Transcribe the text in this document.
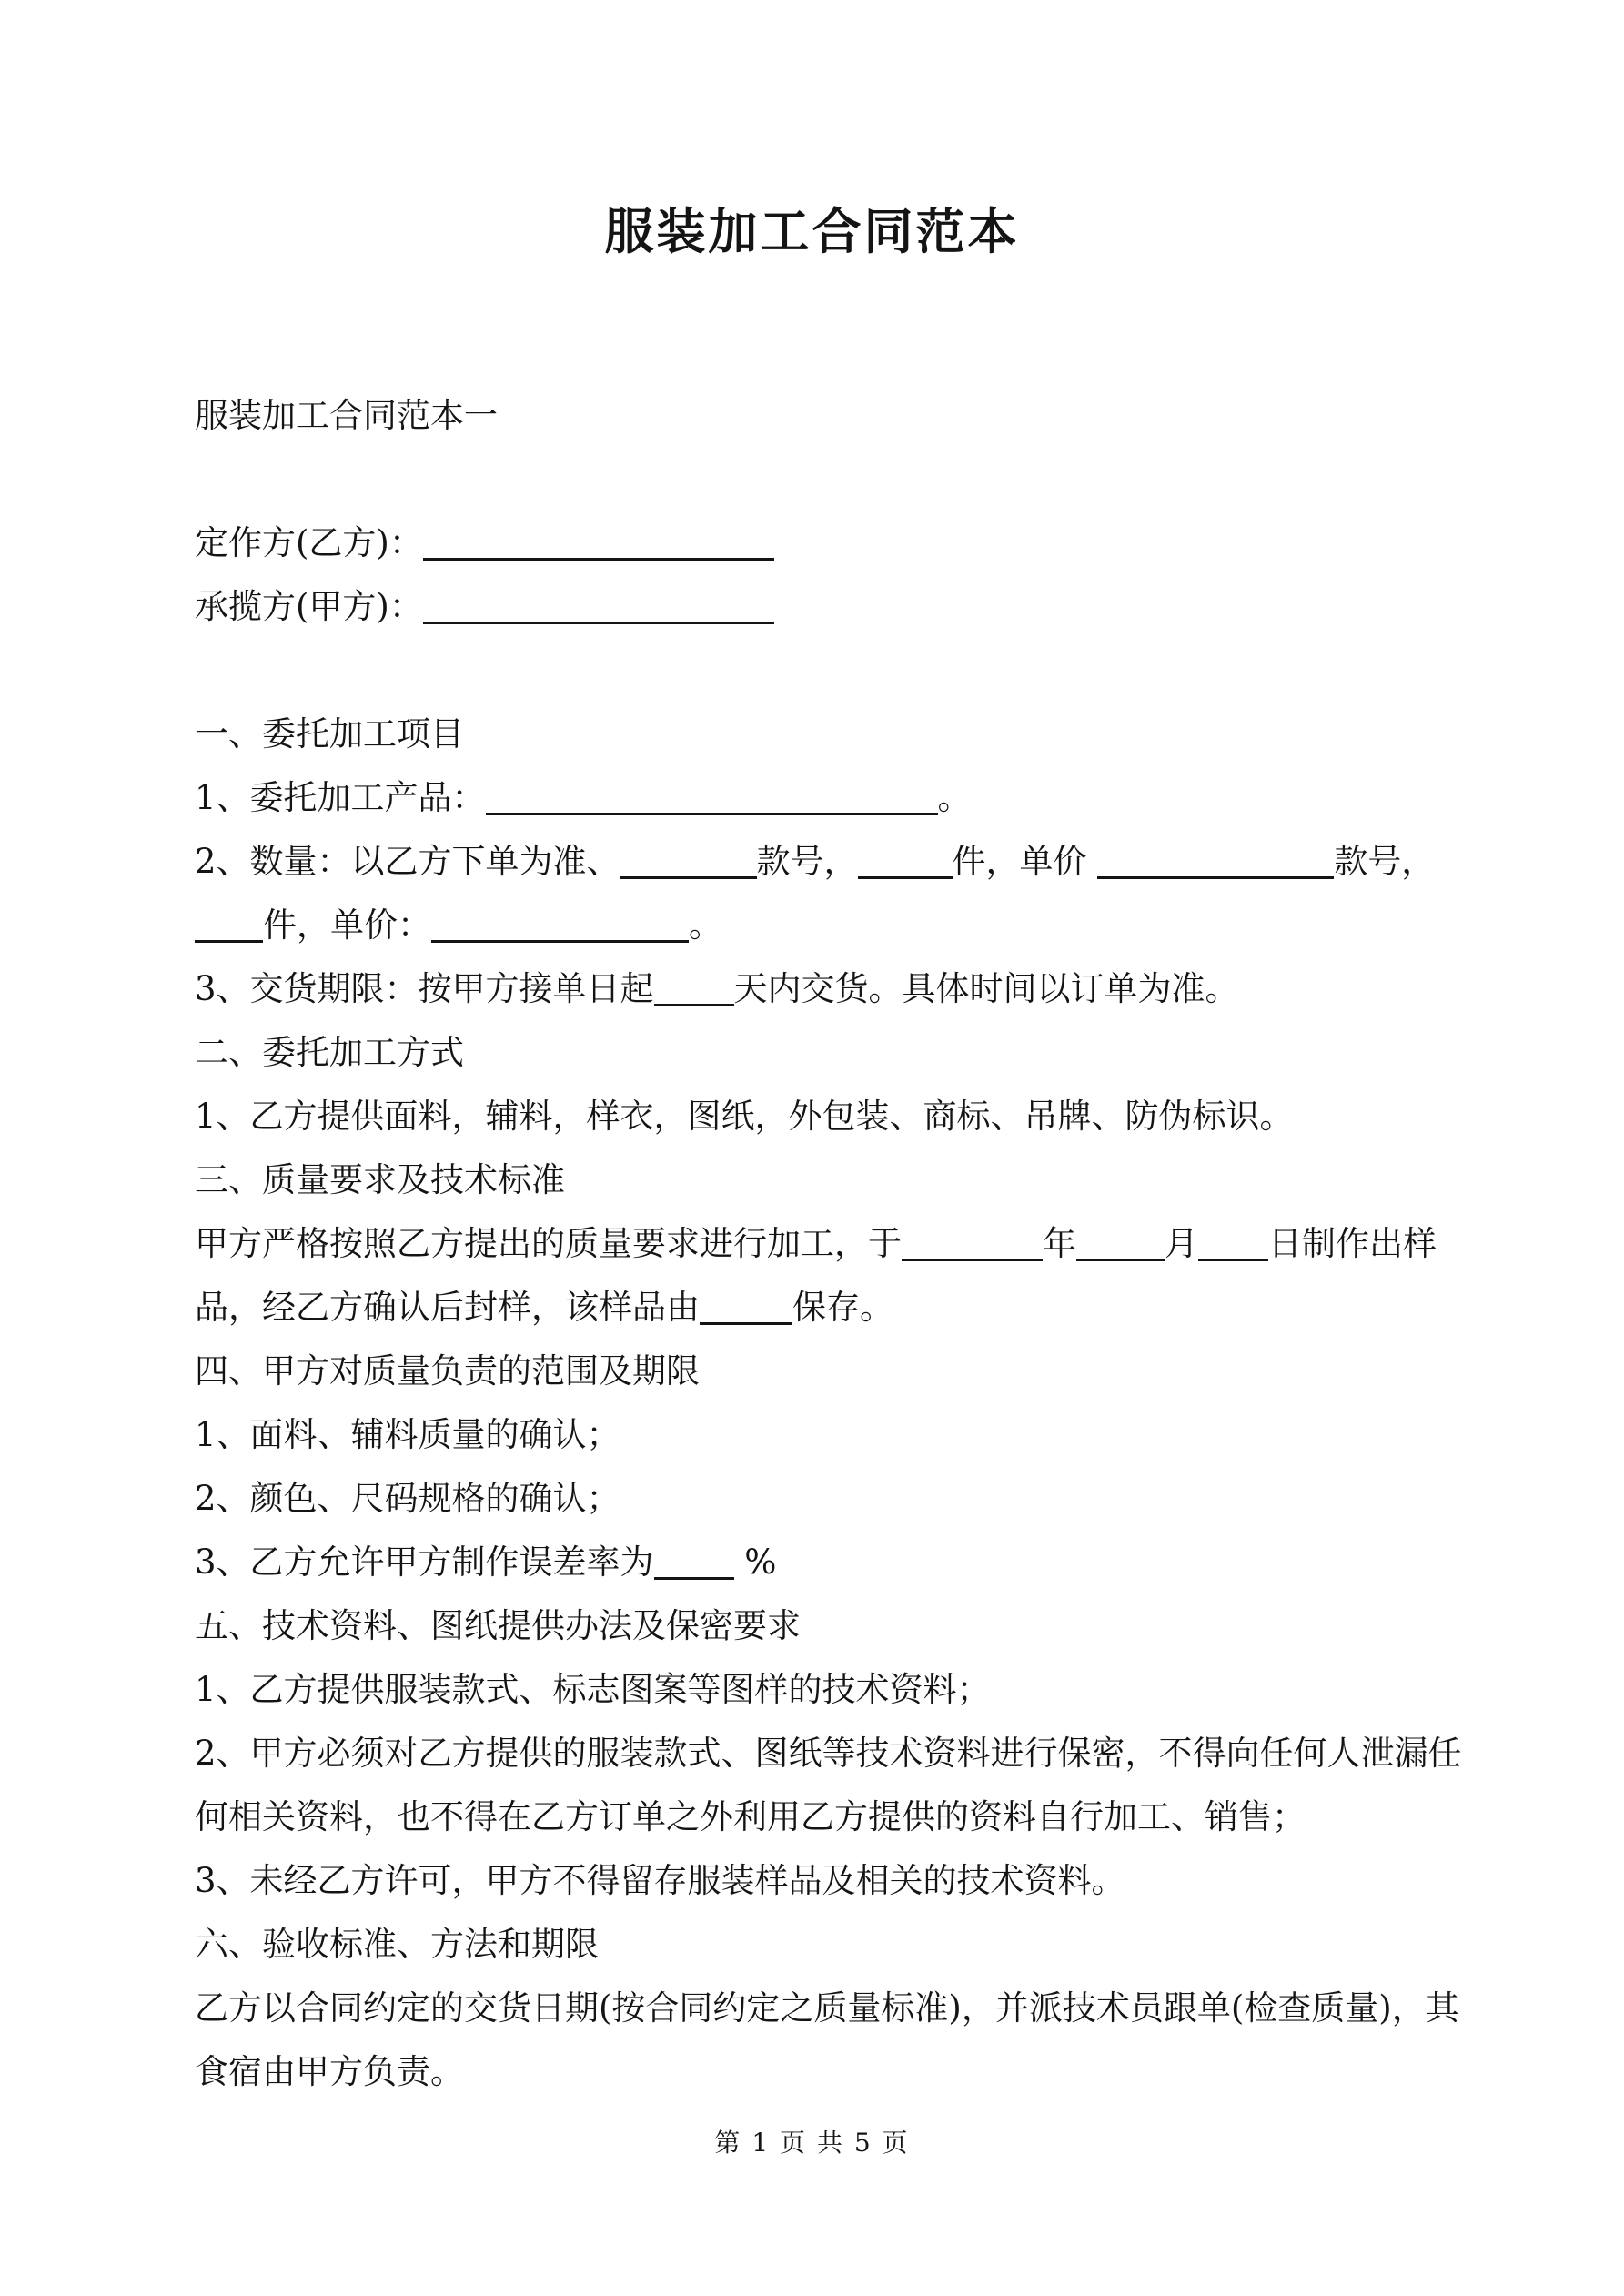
服装加工合同范本
服装加工合同范本一
定作方(乙方)：
承揽方(甲方)：
一、委托加工项目
1、委托加工产品：	。
2、数量：以乙方下单为准、	款号，	件，单价	款号，
件，单价：	。
3、交货期限：按甲方接单日起 天内交货。具体时间以订单为准。
二、委托加工方式
1、乙方提供面料，辅料，样衣，图纸，外包装、商标、吊牌、防伪标识。
三、质量要求及技术标准
甲方严格按照乙方提出的质量要求进行加工，于	年	月 日制作出样
品，经乙方确认后封样，该样品由	保存。
四、甲方对质量负责的范围及期限
1、面料、辅料质量的确认；
2、颜色、尺码规格的确认；
3、乙方允许甲方制作误差率为 %
五、技术资料、图纸提供办法及保密要求
1、乙方提供服装款式、标志图案等图样的技术资料；
2、甲方必须对乙方提供的服装款式、图纸等技术资料进行保密，不得向任何人泄漏任
何相关资料，也不得在乙方订单之外利用乙方提供的资料自行加工、销售；
3、未经乙方许可，甲方不得留存服装样品及相关的技术资料。
六、验收标准、方法和期限
乙方以合同约定的交货日期(按合同约定之质量标准)，并派技术员跟单(检查质量)，其
食宿由甲方负责。
第 1 页 共 5 页
